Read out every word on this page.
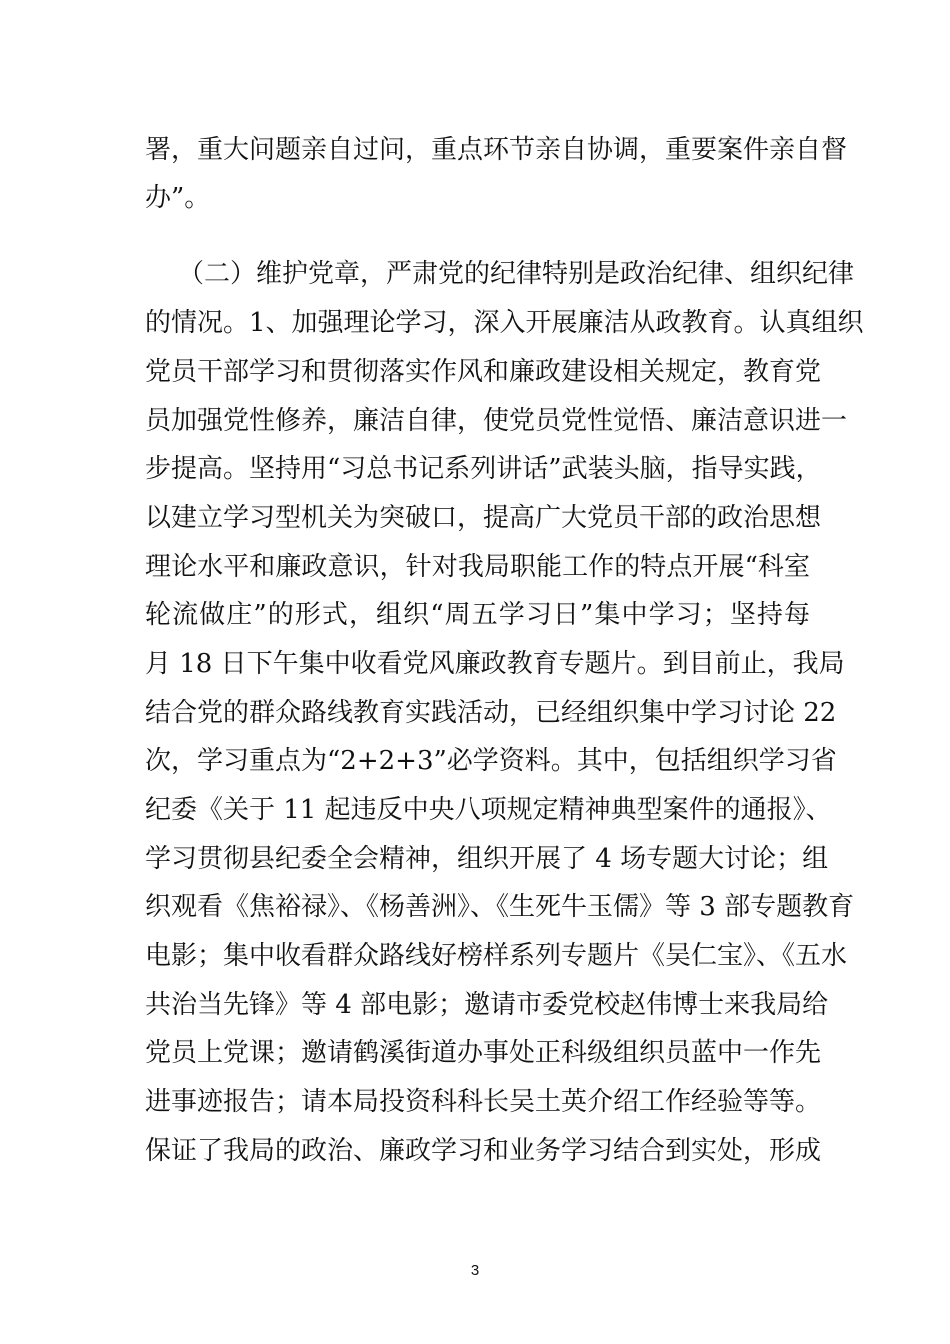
署，重大问题亲自过问，重点环节亲自协调，重要案件亲自督
办”。
（二）维护党章，严肃党的纪律特别是政治纪律、组织纪律
的情况。1、加强理论学习，深入开展廉洁从政教育。认真组织
党员干部学习和贯彻落实作风和廉政建设相关规定，教育党
员加强党性修养，廉洁自律，使党员党性觉悟、廉洁意识进一
步提高。坚持用“习总书记系列讲话”武装头脑，指导实践，
以建立学习型机关为突破口，提高广大党员干部的政治思想
理论水平和廉政意识，针对我局职能工作的特点开展“科室
轮流做庄”的形式，组织“周五学习日”集中学习；坚持每
月 18 日下午集中收看党风廉政教育专题片。到目前止，我局
结合党的群众路线教育实践活动，已经组织集中学习讨论 22
次，学习重点为“2+2+3”必学资料。其中，包括组织学习省
纪委《关于 11 起违反中央八项规定精神典型案件的通报》、
学习贯彻县纪委全会精神，组织开展了 4 场专题大讨论；组
织观看《焦裕禄》、《杨善洲》、《生死牛玉儒》等 3 部专题教育
电影；集中收看群众路线好榜样系列专题片《吴仁宝》、《五水
共治当先锋》等 4 部电影；邀请市委党校赵伟博士来我局给
党员上党课；邀请鹤溪街道办事处正科级组织员蓝中一作先
进事迹报告；请本局投资科科长吴土英介绍工作经验等等。
保证了我局的政治、廉政学习和业务学习结合到实处，形成
3
